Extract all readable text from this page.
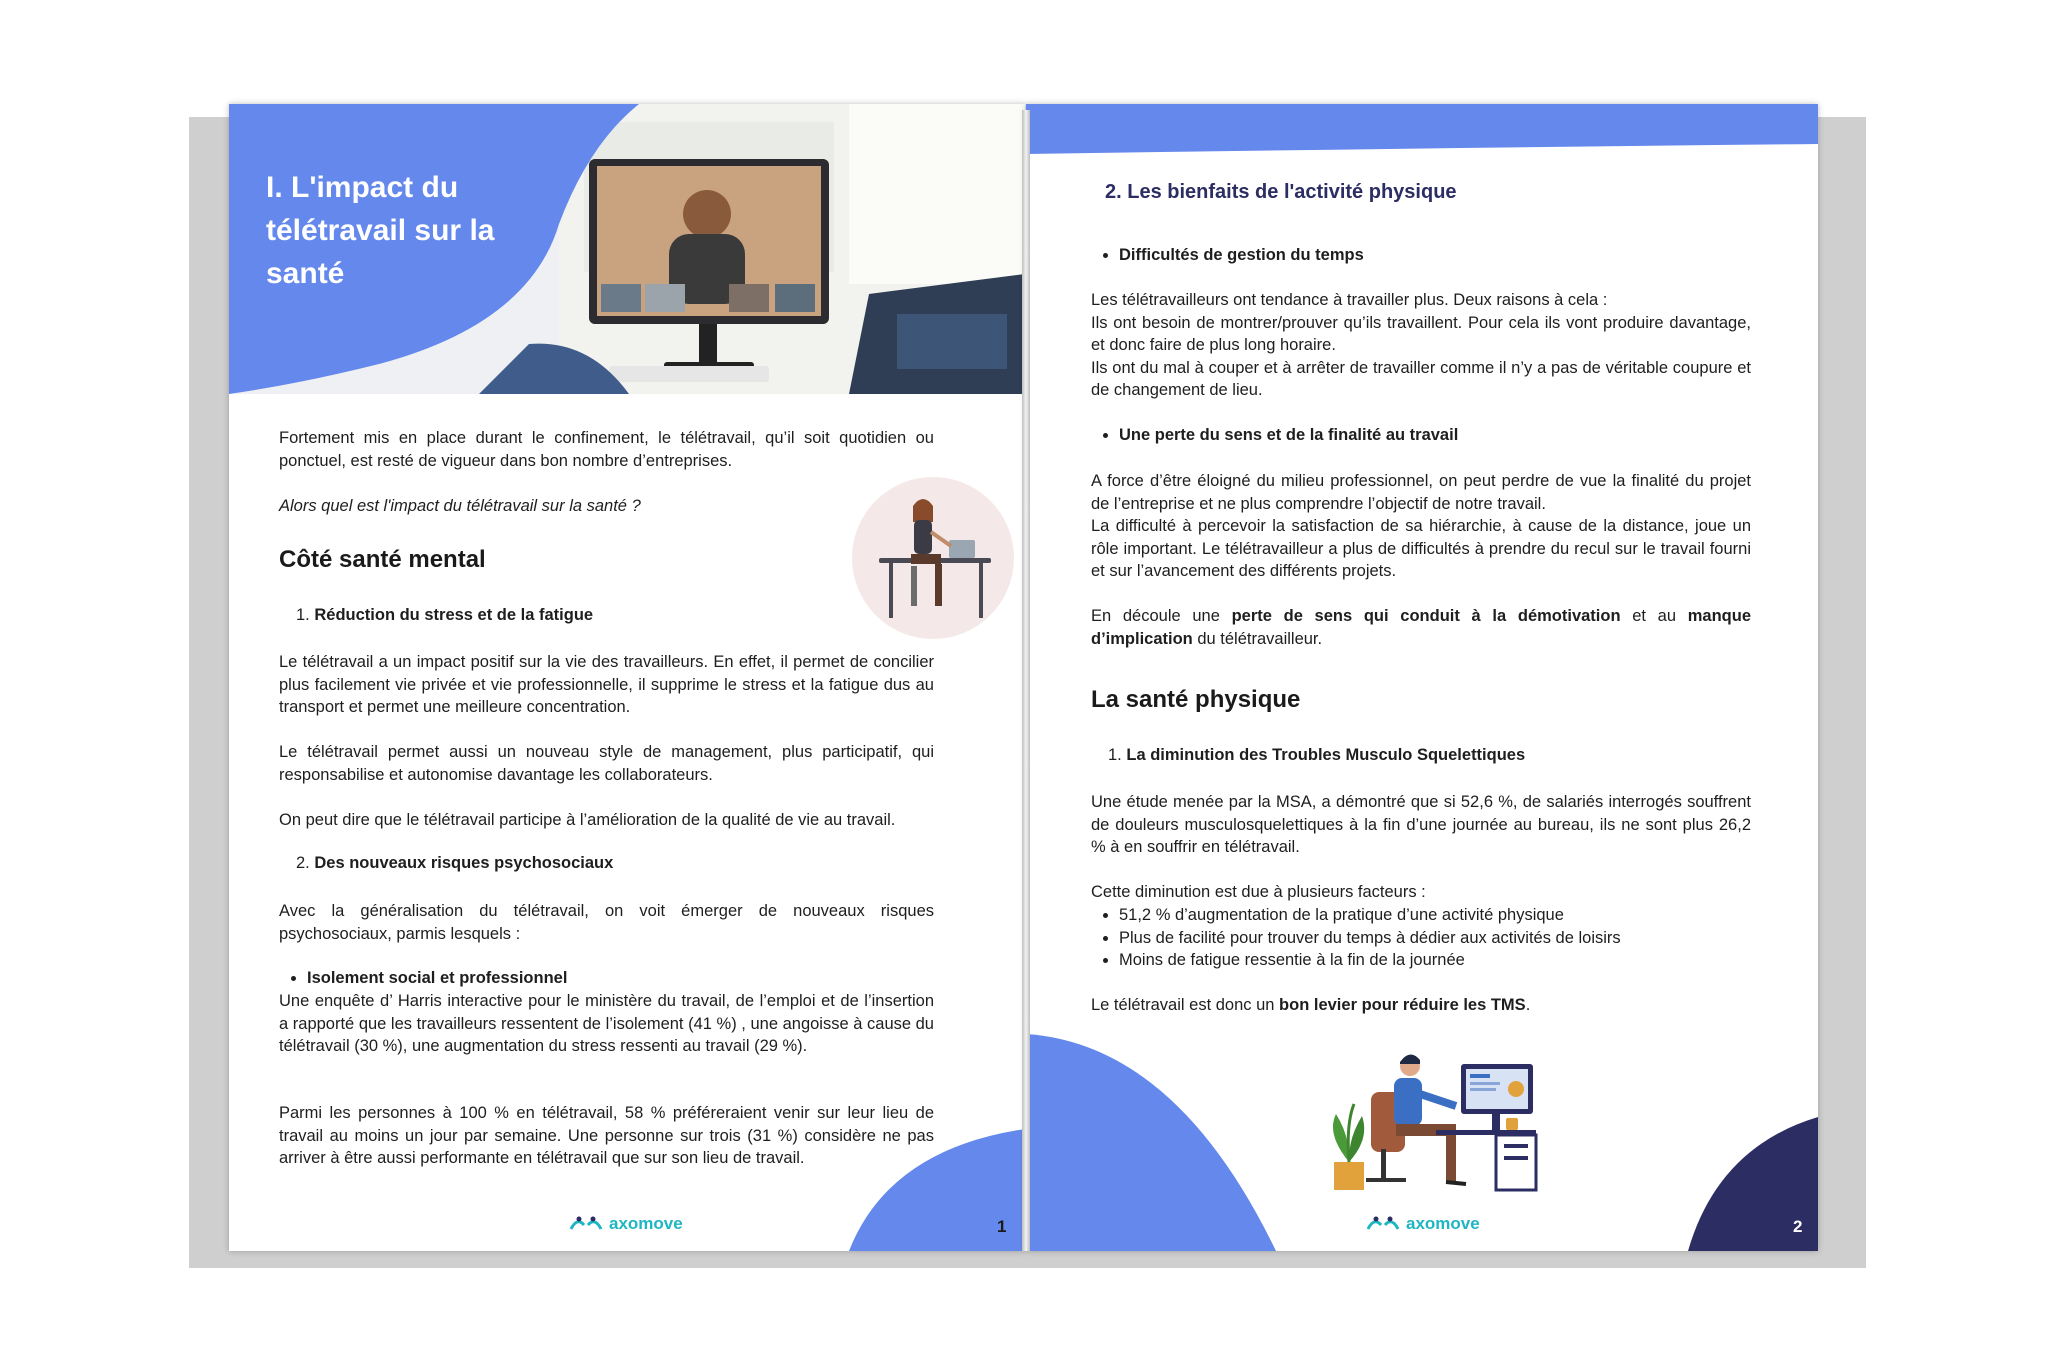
I. L'impact du
télétravail sur la
santé
Fortement mis en place durant le confinement, le télétravail, qu’il soit quotidien ou ponctuel, est resté de vigueur dans bon nombre d’entreprises.
Alors quel est l'impact du télétravail sur la santé ?
Côté santé mental
1. Réduction du stress et de la fatigue
Le télétravail a un impact positif sur la vie des travailleurs. En effet, il permet de concilier plus facilement vie privée et vie professionnelle, il supprime le stress et la fatigue dus au transport et permet une meilleure concentration.
Le télétravail permet aussi un nouveau style de management, plus participatif, qui responsabilise et autonomise davantage les collaborateurs.
On peut dire que le télétravail participe à l’amélioration de la qualité de vie au travail.
2. Des nouveaux risques psychosociaux
Avec la généralisation du télétravail, on voit émerger de nouveaux risques psychosociaux, parmis lesquels :
• Isolement social et professionnel
Une enquête d’ Harris interactive pour le ministère du travail, de l’emploi et de l’insertion a rapporté que les travailleurs ressentent de l’isolement (41 %) , une angoisse à cause du télétravail (30 %), une augmentation du stress ressenti au travail (29 %).
Parmi les personnes à 100 % en télétravail, 58 % préféreraient venir sur leur lieu de travail au moins un jour par semaine. Une personne sur trois (31 %) considère ne pas arriver à être aussi performante en télétravail que sur son lieu de travail.
axomove	1
2. Les bienfaits de l'activité physique
• Difficultés de gestion du temps

Les télétravailleurs ont tendance à travailler plus. Deux raisons à cela :

Ils ont besoin de montrer/prouver qu’ils travaillent. Pour cela ils vont produire davantage, et donc faire de plus long horaire.

Ils ont du mal à couper et à arrêter de travailler comme il n’y a pas de véritable coupure et de changement de lieu.

• Une perte du sens et de la finalité au travail

A force d’être éloigné du milieu professionnel, on peut perdre de vue la finalité du projet de l’entreprise et ne plus comprendre l’objectif de notre travail.

La difficulté à percevoir la satisfaction de sa hiérarchie, à cause de la distance, joue un rôle important. Le télétravailleur a plus de difficultés à prendre du recul sur le travail fourni et sur l’avancement des différents projets.

En découle une perte de sens qui conduit à la démotivation et au manque d’implication du télétravailleur.
La santé physique
1. La diminution des Troubles Musculo Squelettiques
Une étude menée par la MSA, a démontré que si 52,6 %, de salariés interrogés souffrent de douleurs musculosquelettiques à la fin d’une journée au bureau, ils ne sont plus 26,2 % à en souffrir en télétravail.
Cette diminution est due à plusieurs facteurs :
• 51,2 % d’augmentation de la pratique d’une activité physique
• Plus de facilité pour trouver du temps à dédier aux activités de loisirs
• Moins de fatigue ressentie à la fin de la journée
Le télétravail est donc un bon levier pour réduire les TMS.
axomove	2
